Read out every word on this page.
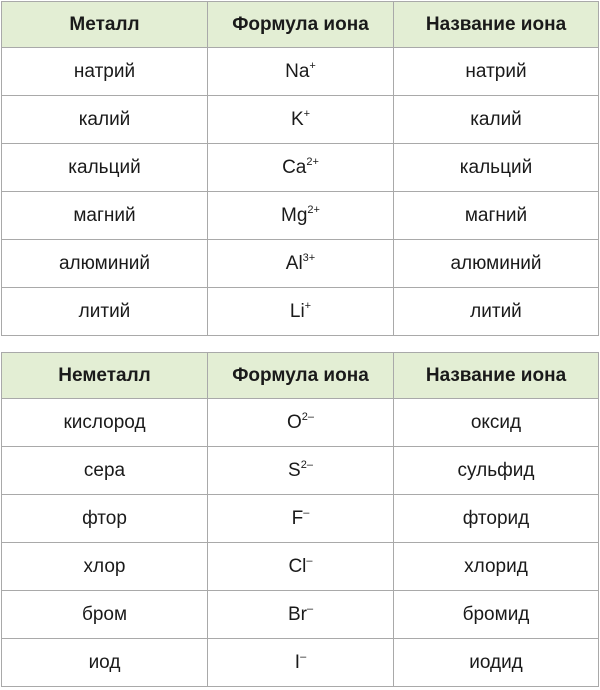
Металл	Формула иона	Название иона
натрий	Na+	натрий
калий	K+	калий
кальций	$Ca^{2+}$	кальций
магний	$Mg^{2+}$	магний
алюминий	$Al^{3+}$	алюминий
литий	Li+	литий
Неметалл	Формула иона	Название иона
кислород	$O^{2-}$	оксид
сера	$S^{2-}$	сульфид
фтор	F–	фторид
хлор	Cl–	хлорид
бром	Br–	бромид
иод	I–	иодид
